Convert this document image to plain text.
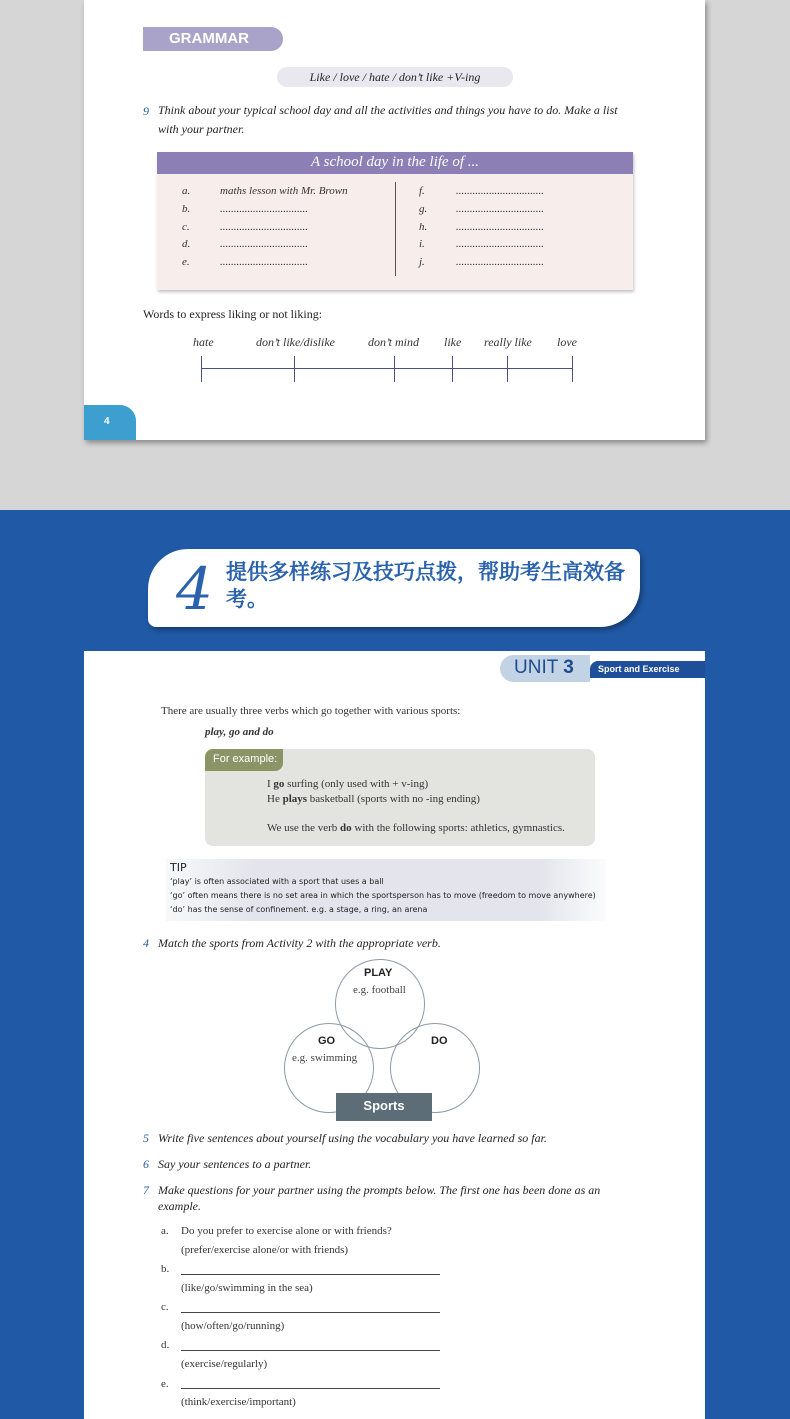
GRAMMAR
Like / love / hate / don’t like +V-ing
9 Think about your typical school day and all the activities and things you have to do. Make a list
with your partner.
A school day in the life of ...
a.	maths lesson with Mr. Brown
b.	................................
c.	................................
d.	................................
e.	................................
f.	................................
g.	................................
h.	................................
i.	................................
j.	................................
Words to express liking or not liking:
hate	don’t like/dislike	don’t mind like really like love
4
4 提供多样练习及技巧点拨，帮助考生高效备考。
UNIT 3	Sport and Exercise
There are usually three verbs which go together with various sports:
play, go and do
For example:
I go surfing (only used with + v-ing)
He plays basketball (sports with no -ing ending)
We use the verb do with the following sports: athletics, gymnastics.
TIP
‘play’ is often associated with a sport that uses a ball
‘go’ often means there is no set area in which the sportsperson has to move (freedom to move anywhere)
‘do’ has the sense of confinement. e.g. a stage, a ring, an arena
4 Match the sports from Activity 2 with the appropriate verb.
PLAY
e.g. football
GO
e.g. swimming
DO
Sports
5 Write five sentences about yourself using the vocabulary you have learned so far.
6 Say your sentences to a partner.
7 Make questions for your partner using the prompts below. The first one has been done as an
example.
a. Do you prefer to exercise alone or with friends?
(prefer/exercise alone/or with friends)
b.
(like/go/swimming in the sea)
c.
(how/often/go/running)
d.
(exercise/regularly)
e.
(think/exercise/important)
